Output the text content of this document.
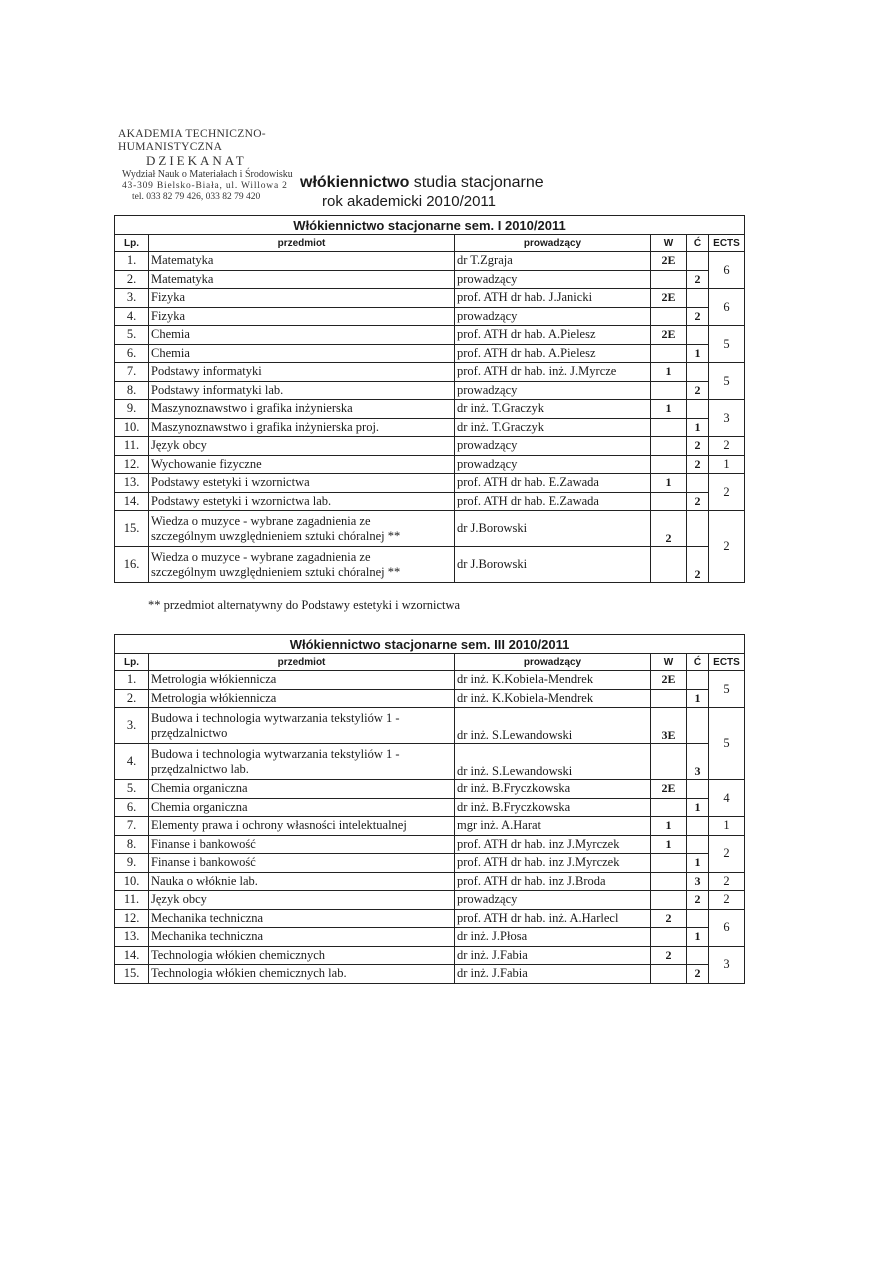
AKADEMIA TECHNICZNO-HUMANISTYCZNA
DZIEKANAT
Wydział Nauk o Materiałach i Środowisku
43-309 Bielsko-Biała, ul. Willowa 2
tel. 033 82 79 426, 033 82 79 420
włókiennictwo studia stacjonarne
rok akademicki 2010/2011
Włókiennictwo stacjonarne sem. I 2010/2011					
Lp.	przedmiot	prowadzący	W	Ć	ECTS
1.	Matematyka	dr T.Zgraja	2E		6
2.	Matematyka	prowadzący		2	
3.	Fizyka	prof. ATH dr hab. J.Janicki	2E		6
4.	Fizyka	prowadzący		2	
5.	Chemia	prof. ATH dr hab. A.Pielesz	2E		5
6.	Chemia	prof. ATH dr hab. A.Pielesz		1	
7.	Podstawy informatyki	prof. ATH dr hab. inż. J.Myrcze	1		5
8.	Podstawy informatyki lab.	prowadzący		2	
9.	Maszynoznawstwo i grafika inżynierska	dr inż. T.Graczyk	1		3
10.	Maszynoznawstwo i grafika inżynierska proj.	dr inż. T.Graczyk		1	
11.	Język obcy	prowadzący		2	2
12.	Wychowanie fizyczne	prowadzący		2	1
13.	Podstawy estetyki i wzornictwa	prof. ATH dr hab. E.Zawada	1		2
14.	Podstawy estetyki i wzornictwa lab.	prof. ATH dr hab. E.Zawada		2	
15.	Wiedza o muzyce - wybrane zagadnienia ze
szczególnym uwzględnieniem sztuki chóralnej **	dr J.Borowski	2		2
16.	Wiedza o muzyce - wybrane zagadnienia ze
szczególnym uwzględnieniem sztuki chóralnej **	dr J.Borowski		2	
** przedmiot alternatywny do Podstawy estetyki i wzornictwa
Włókiennictwo stacjonarne sem. III 2010/2011					
Lp.	przedmiot	prowadzący	W	Ć	ECTS
1.	Metrologia włókiennicza	dr inż. K.Kobiela-Mendrek	2E		5
2.	Metrologia włókiennicza	dr inż. K.Kobiela-Mendrek		1	
3.	Budowa i technologia wytwarzania tekstyliów 1 -
przędzalnictwo	dr inż. S.Lewandowski	3E		5
4.	Budowa i technologia wytwarzania tekstyliów 1 -
przędzalnictwo lab.	dr inż. S.Lewandowski		3	
5.	Chemia organiczna	dr inż. B.Fryczkowska	2E		4
6.	Chemia organiczna	dr inż. B.Fryczkowska		1	
7.	Elementy prawa i ochrony własności intelektualnej	mgr inż. A.Harat	1		1
8.	Finanse i bankowość	prof. ATH dr hab. inz J.Myrczek	1		2
9.	Finanse i bankowość	prof. ATH dr hab. inz J.Myrczek		1	
10.	Nauka o włóknie lab.	prof. ATH dr hab. inz J.Broda		3	2
11.	Język obcy	prowadzący		2	2
12.	Mechanika techniczna	prof. ATH dr hab. inż. A.Harlecl	2		6
13.	Mechanika techniczna	dr inż. J.Płosa		1	
14.	Technologia włókien chemicznych	dr inż. J.Fabia	2		3
15.	Technologia włókien chemicznych lab.	dr inż. J.Fabia		2	
